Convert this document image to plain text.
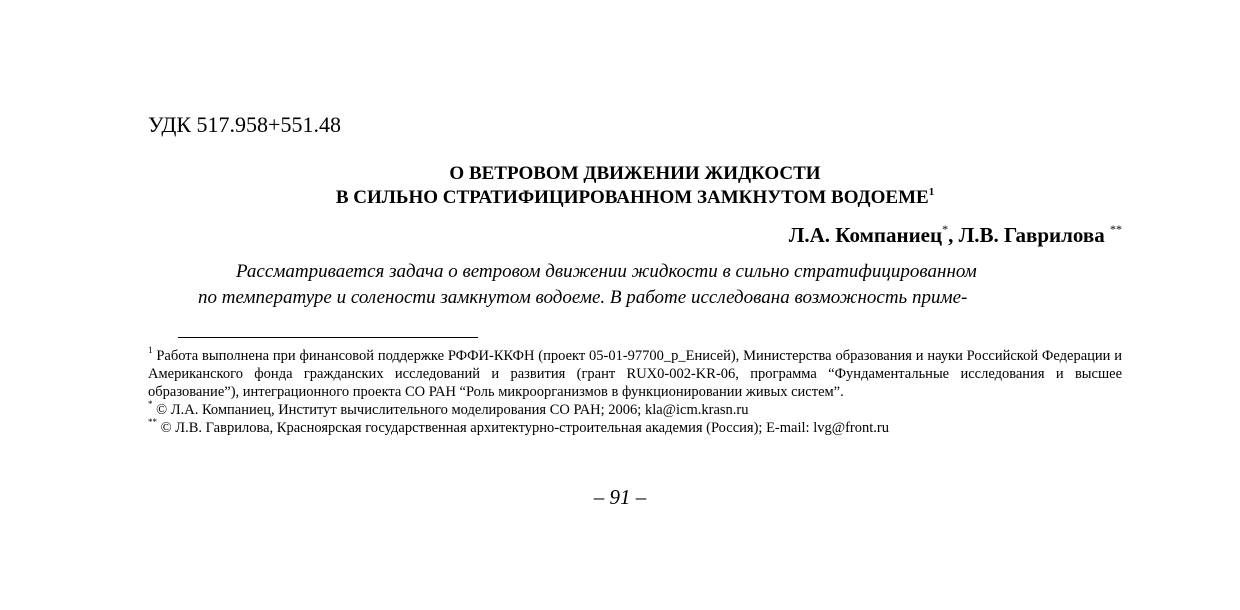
УДК 517.958+551.48
О ВЕТРОВОМ ДВИЖЕНИИ ЖИДКОСТИ
В СИЛЬНО СТРАТИФИЦИРОВАННОМ ЗАМКНУТОМ ВОДОЕМЕ$^1$
Л.А. Компаниец*, Л.В. Гаврилова **
Рассматривается задача о ветровом движении жидкости в сильно стратифицированном
по температуре и солености замкнутом водоеме. В работе исследована возможность приме-
$^1$ Работа выполнена при финансовой поддержке РФФИ-ККФН (проект 05-01-97700_р_Енисей), Министерства образования и науки Российской Федерации и Американского фонда гражданских исследований и развития (грант RUX0-002-KR-06, программа “Фундаментальные исследования и высшее образование”), интеграционного проекта СО РАН “Роль микроорганизмов в функционировании живых систем”.
* © Л.А. Компаниец, Институт вычислительного моделирования СО РАН; 2006; kla@icm.krasn.ru
** © Л.В. Гаврилова, Красноярская государственная архитектурно-строительная академия (Россия); E-mail: lvg@front.ru
– 91 –
